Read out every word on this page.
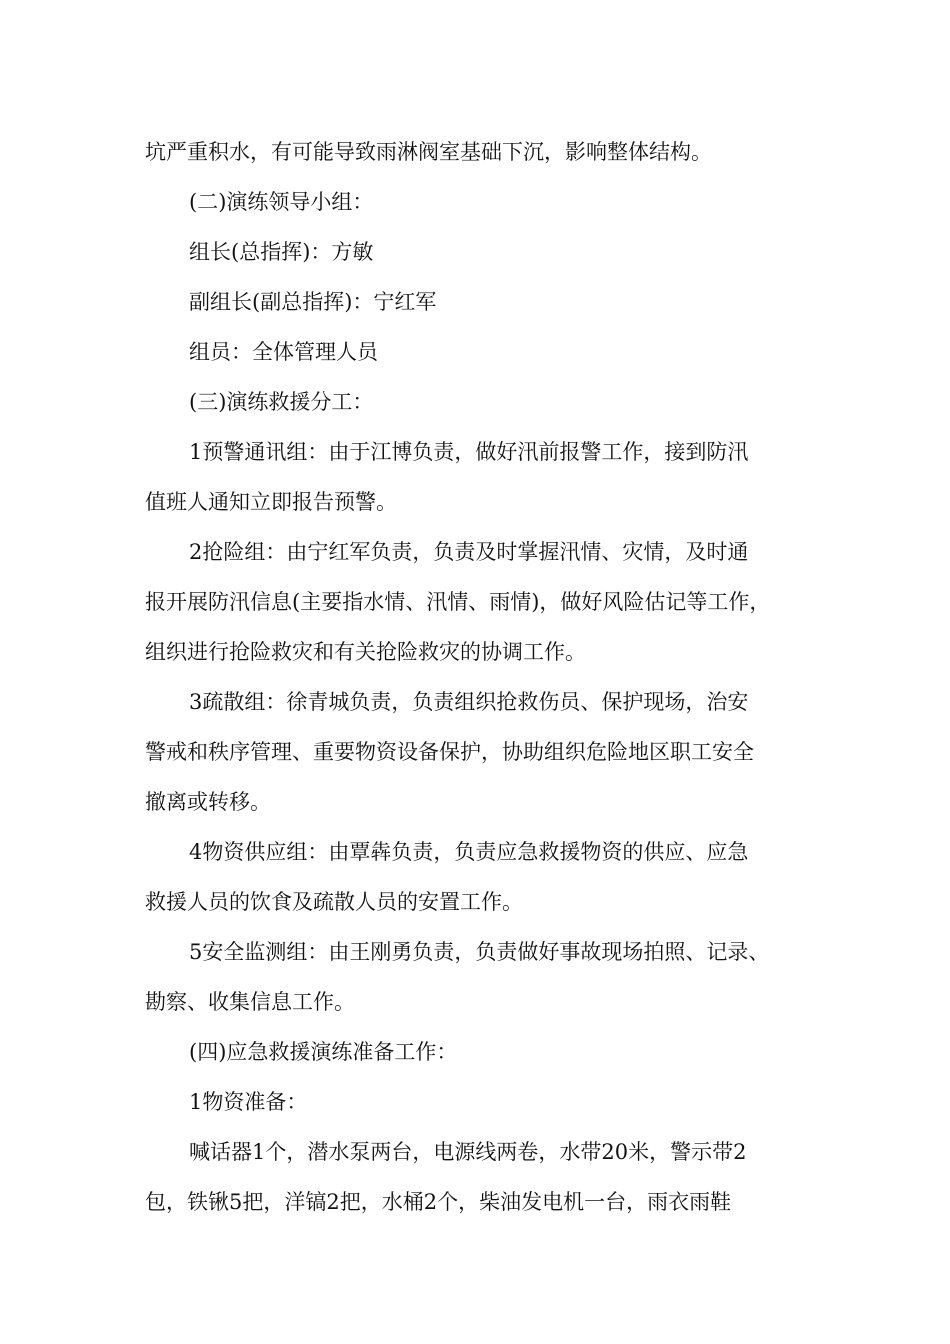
坑严重积水，有可能导致雨淋阀室基础下沉，影响整体结构。

(二)演练领导小组：

组长(总指挥)：方敏

副组长(副总指挥)：宁红军

组员：全体管理人员

(三)演练救援分工：

1预警通讯组：由于江博负责，做好汛前报警工作，接到防汛

值班人通知立即报告预警。

2抢险组：由宁红军负责，负责及时掌握汛情、灾情，及时通

报开展防汛信息(主要指水情、汛情、雨情)，做好风险估记等工作，

组织进行抢险救灾和有关抢险救灾的协调工作。

3疏散组：徐青城负责，负责组织抢救伤员、保护现场，治安

警戒和秩序管理、重要物资设备保护，协助组织危险地区职工安全

撤离或转移。

4物资供应组：由覃犇负责，负责应急救援物资的供应、应急

救援人员的饮食及疏散人员的安置工作。

5安全监测组：由王刚勇负责，负责做好事故现场拍照、记录、

勘察、收集信息工作。

(四)应急救援演练准备工作：

1物资准备：

喊话器1个，潜水泵两台，电源线两卷，水带20米，警示带2

包，铁锹5把，洋镐2把，水桶2个，柴油发电机一台，雨衣雨鞋
